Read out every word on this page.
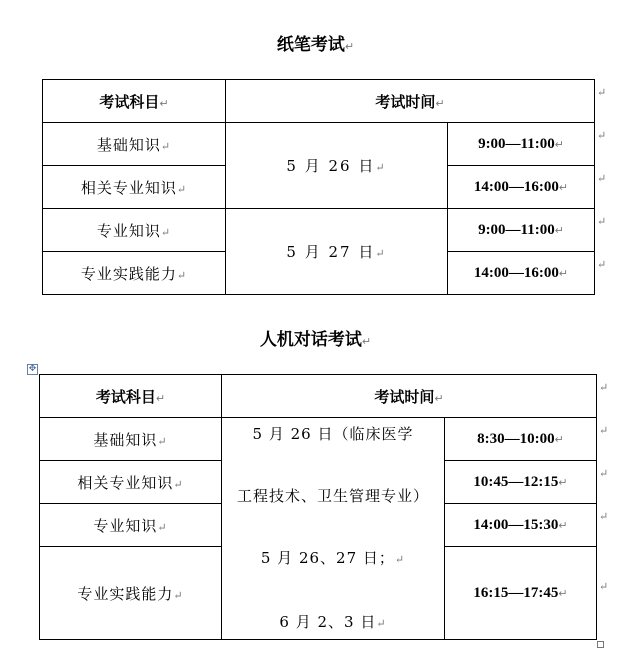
纸笔考试↵
考试科目↵	考试时间↵	
基础知识↵	5 月 26 日↵	9:00—11:00↵
相关专业知识↵		14:00—16:00↵
专业知识↵	5 月 27 日↵	9:00—11:00↵
专业实践能力↵		14:00—16:00↵
↵
↵
↵
↵
↵
人机对话考试↵
✥
考试科目↵	考试时间↵	
基础知识↵	5 月 26 日（临床医学
工程技术、卫生管理专业）
5 月 26、27 日；↵
6 月 2、3 日↵	8:30—10:00↵
相关专业知识↵		10:45—12:15↵
专业知识↵		14:00—15:30↵
专业实践能力↵		16:15—17:45↵
↵
↵
↵
↵
↵
